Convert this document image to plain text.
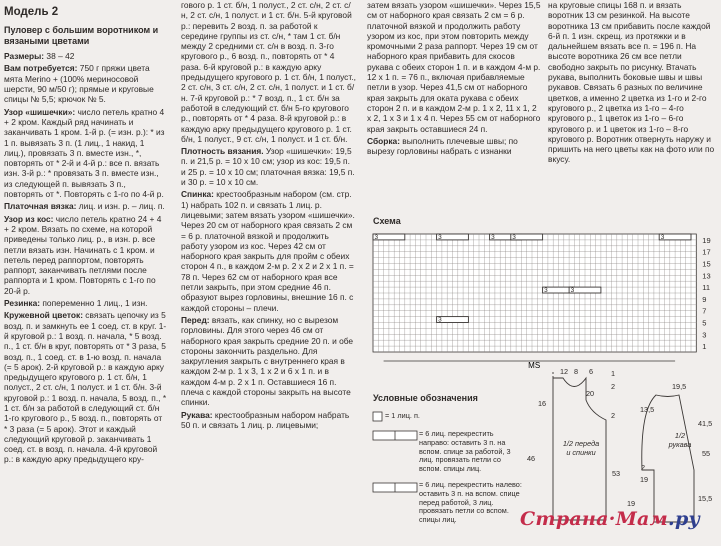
Модель 2
Пуловер с большим воротником и вязаными цветами
Размеры: 38 – 42
Вам потребуется: 750 г пряжи цвета мята Merino + (100% мериносовой шерсти, 90 м/50 г); прямые и круговые спицы № 5,5; крючок № 5.
Узор «шишечки»: число петель кратно 4 + 2 кром. Каждый ряд начинать и заканчивать 1 кром. 1-й р. (= изн. р.): * из 1 п. вывязать 3 п. (1 лиц., 1 накид, 1 лиц.), провязать 3 п. вместе изн., *, повторять от * 2-й и 4-й р.: все п. вязать изн. 3-й р.: * провязать 3 п. вместе изн., из следующей п. вывязать 3 п., повторять от *. Повторять с 1-го по 4-й р.
Платочная вязка: лиц. и изн. р. – лиц. п.
Узор из кос: число петель кратно 24 + 4 + 2 кром. Вязать по схеме, на которой приведены только лиц. р., в изн. р. все петли вязать изн. Начинать с 1 кром. и петель перед раппортом, повторять раппорт, заканчивать петлями после раппорта и 1 кром. Повторять с 1-го по 20-й р.
Резинка: попеременно 1 лиц., 1 изн.
Кружевной цветок: связать цепочку из 5 возд. п. и замкнуть ее 1 соед. ст. в круг. 1-й круговой р.: 1 возд. п. начала, * 5 возд. п., 1 ст. б/н в круг, повторять от * 3 раза, 5 возд. п., 1 соед. ст. в 1-ю возд. п. начала (= 5 арок). 2-й круговой р.: в каждую арку предыдущего кругового р. 1 ст. б/н, 1 полуст., 2 ст. с/н, 1 полуст. и 1 ст. б/н. 3-й круговой р.: 1 возд. п. начала, 5 возд. п., * 1 ст. б/н за работой в следующий ст. б/н 1-го кругового р., 5 возд. п., повторять от * 3 раза (= 5 арок). Этот и каждый следующий круговой р. заканчивать 1 соед. ст. в возд. п. начала. 4-й круговой р.: в каждую арку предыдущего кру-
гового р. 1 ст. б/н, 1 полуст., 2 ст. с/н, 2 ст. с/н, 2 ст. с/н, 1 полуст. и 1 ст. б/н. 5-й круговой р.: перевить 2 возд. п. за работой к середине группы из ст. с/н, * там 1 ст. б/н между 2 средними ст. с/н в возд. п. 3-го кругового р., 6 возд. п., повторять от * 4 раза. 6-й круговой р.: в каждую арку предыдущего кругового р. 1 ст. б/н, 1 полуст., 2 ст. с/н, 3 ст. с/н, 2 ст. с/н, 1 полуст. и 1 ст. б/н. 7-й круговой р.: * 7 возд. п., 1 ст. б/н за работой в следующий ст. б/н 5-го кругового р., повторять от * 4 раза. 8-й круговой р.: в каждую арку предыдущего кругового р. 1 ст. б/н, 1 полуст., 9 ст. с/н, 1 полуст. и 1 ст. б/н.
Плотность вязания. Узор «шишечки»: 19,5 п. и 21,5 р. = 10 х 10 см; узор из кос: 19,5 п. и 25 р. = 10 х 10 см; платочная вязка: 19,5 п. и 30 р. = 10 х 10 см.
Спинка: крестообразным набором (см. стр. 1) набрать 102 п. и связать 1 лиц. р. лицевыми; затем вязать узором «шишечки». Через 20 см от наборного края связать 2 см = 6 р. платочной вязкой и продолжить работу узором из кос. Через 42 см от наборного края закрыть для пройм с обеих сторон 4 п., в каждом 2-м р. 2 х 2 и 2 х 1 п. = 78 п. Через 62 см от наборного края все петли закрыть, при этом средние 46 п. образуют вырез горловины, внешние 16 п. с каждой стороны – плечи.
Перед: вязать, как спинку, но с вырезом горловины. Для этого через 46 см от наборного края закрыть средние 20 п. и обе стороны закончить раздельно. Для закругления закрыть с внутреннего края в каждом 2-м р. 1 х 3, 1 х 2 и 6 х 1 п. и в каждом 4-м р. 2 х 1 п. Оставшиеся 16 п. плеча с каждой стороны закрыть на высоте спинки.
Рукава: крестообразным набором набрать 50 п. и связать 1 лиц. р. лицевыми;
затем вязать узором «шишечки». Через 15,5 см от наборного края связать 2 см = 6 р. платочной вязкой и продолжить работу узором из кос, при этом повторить между кромочными 2 раза раппорт. Через 19 см от наборного края прибавить для скосов рукава с обеих сторон 1 п. и в каждом 4-м р. 12 х 1 п. = 76 п., включая прибавляемые петли в узор. Через 41,5 см от наборного края закрыть для оката рукава с обеих сторон 2 п. и в каждом 2-м р. 1 х 2, 11 х 1, 2 х 2, 1 х 3 и 1 х 4 п. Через 55 см от наборного края закрыть оставшиеся 24 п.
Сборка: выполнить плечевые швы; по вырезу горловины набрать с изнанки
на круговые спицы 168 п. и вязать воротник 13 см резинкой. На высоте воротника 13 см прибавить после каждой 6-й п. 1 изн. скрещ. из протяжки и в дальнейшем вязать все п. = 196 п. На высоте воротника 26 см все петли свободно закрыть по рисунку. Втачать рукава, выполнить боковые швы и швы рукавов. Связать 6 разных по величине цветков, а именно 2 цветка из 1-го и 2-го кругового р., 2 цветка из 1-го – 4-го кругового р., 1 цветок из 1-го – 6-го кругового р. и 1 цветок из 1-го – 8-го кругового р. Воротник отвернуть наружу и пришить на него цветы как на фото или по вкусу.
Схема
Условные обозначения
3	3	3	3	3
3	3
3
MS
19
17
15
13
11
9
7
5
3
1
= 1 лиц. п.
= 6 лиц. перекрестить направо: оставить 3 п. на вспом. спице за работой, 3 лиц. провязать петли со вспом. спицы лиц.
= 6 лиц. перекрестить налево: оставить 3 п. на вспом. спице перед работой, 3 лиц. провязать петли со вспом. спицы лиц.
1/2 переда и спинки
1/2 рукава
12 8 6
16
46
1
2
20
2
53
19,5
13,5
41,5
19
15,5
55
2
19
Страна·Мам.ру
